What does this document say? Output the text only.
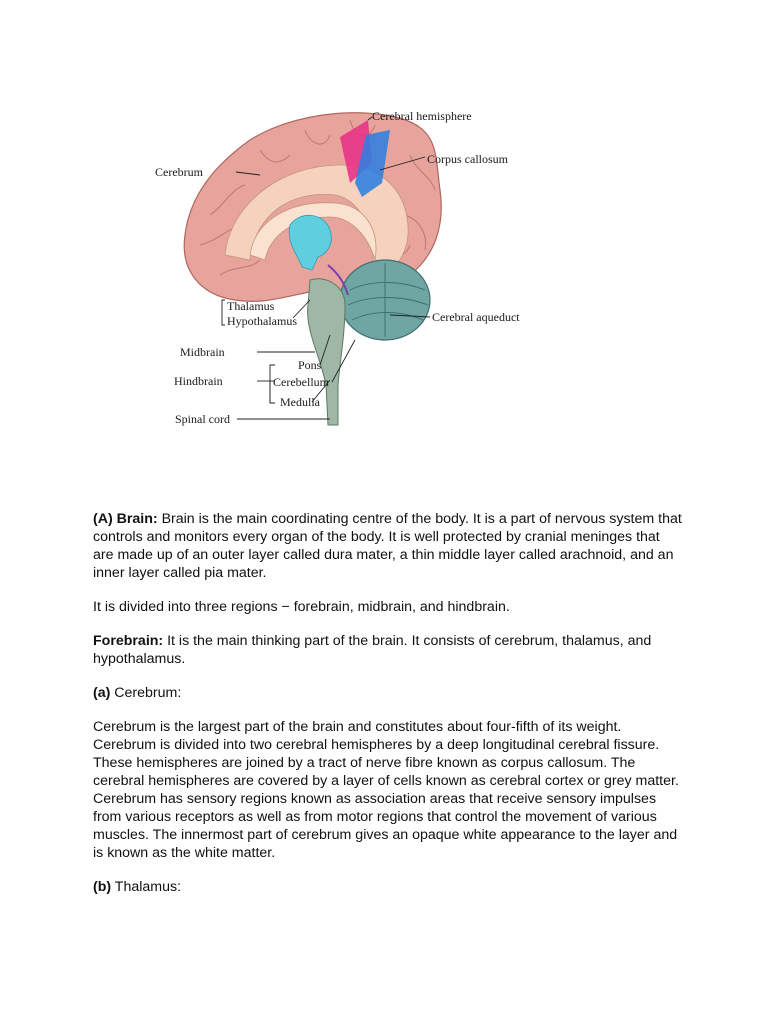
Cerebral hemisphere
Corpus callosum
Cerebrum
Thalamus
Hypothalamus	Cerebral aqueduct
Midbrain
Pons
Hindbrain	Cerebellum
Medulla
Spinal cord

(A) Brain: Brain is the main coordinating centre of the body. It is a part of nervous system that controls and monitors every organ of the body. It is well protected by cranial meninges that are made up of an outer layer called dura mater, a thin middle layer called arachnoid, and an inner layer called pia mater.

It is divided into three regions − forebrain, midbrain, and hindbrain.

Forebrain: It is the main thinking part of the brain. It consists of cerebrum, thalamus, and hypothalamus.

(a) Cerebrum:

Cerebrum is the largest part of the brain and constitutes about four-fifth of its weight. Cerebrum is divided into two cerebral hemispheres by a deep longitudinal cerebral fissure. These hemispheres are joined by a tract of nerve fibre known as corpus callosum. The cerebral hemispheres are covered by a layer of cells known as cerebral cortex or grey matter. Cerebrum has sensory regions known as association areas that receive sensory impulses from various receptors as well as from motor regions that control the movement of various muscles. The innermost part of cerebrum gives an opaque white appearance to the layer and is known as the white matter.

(b) Thalamus:
